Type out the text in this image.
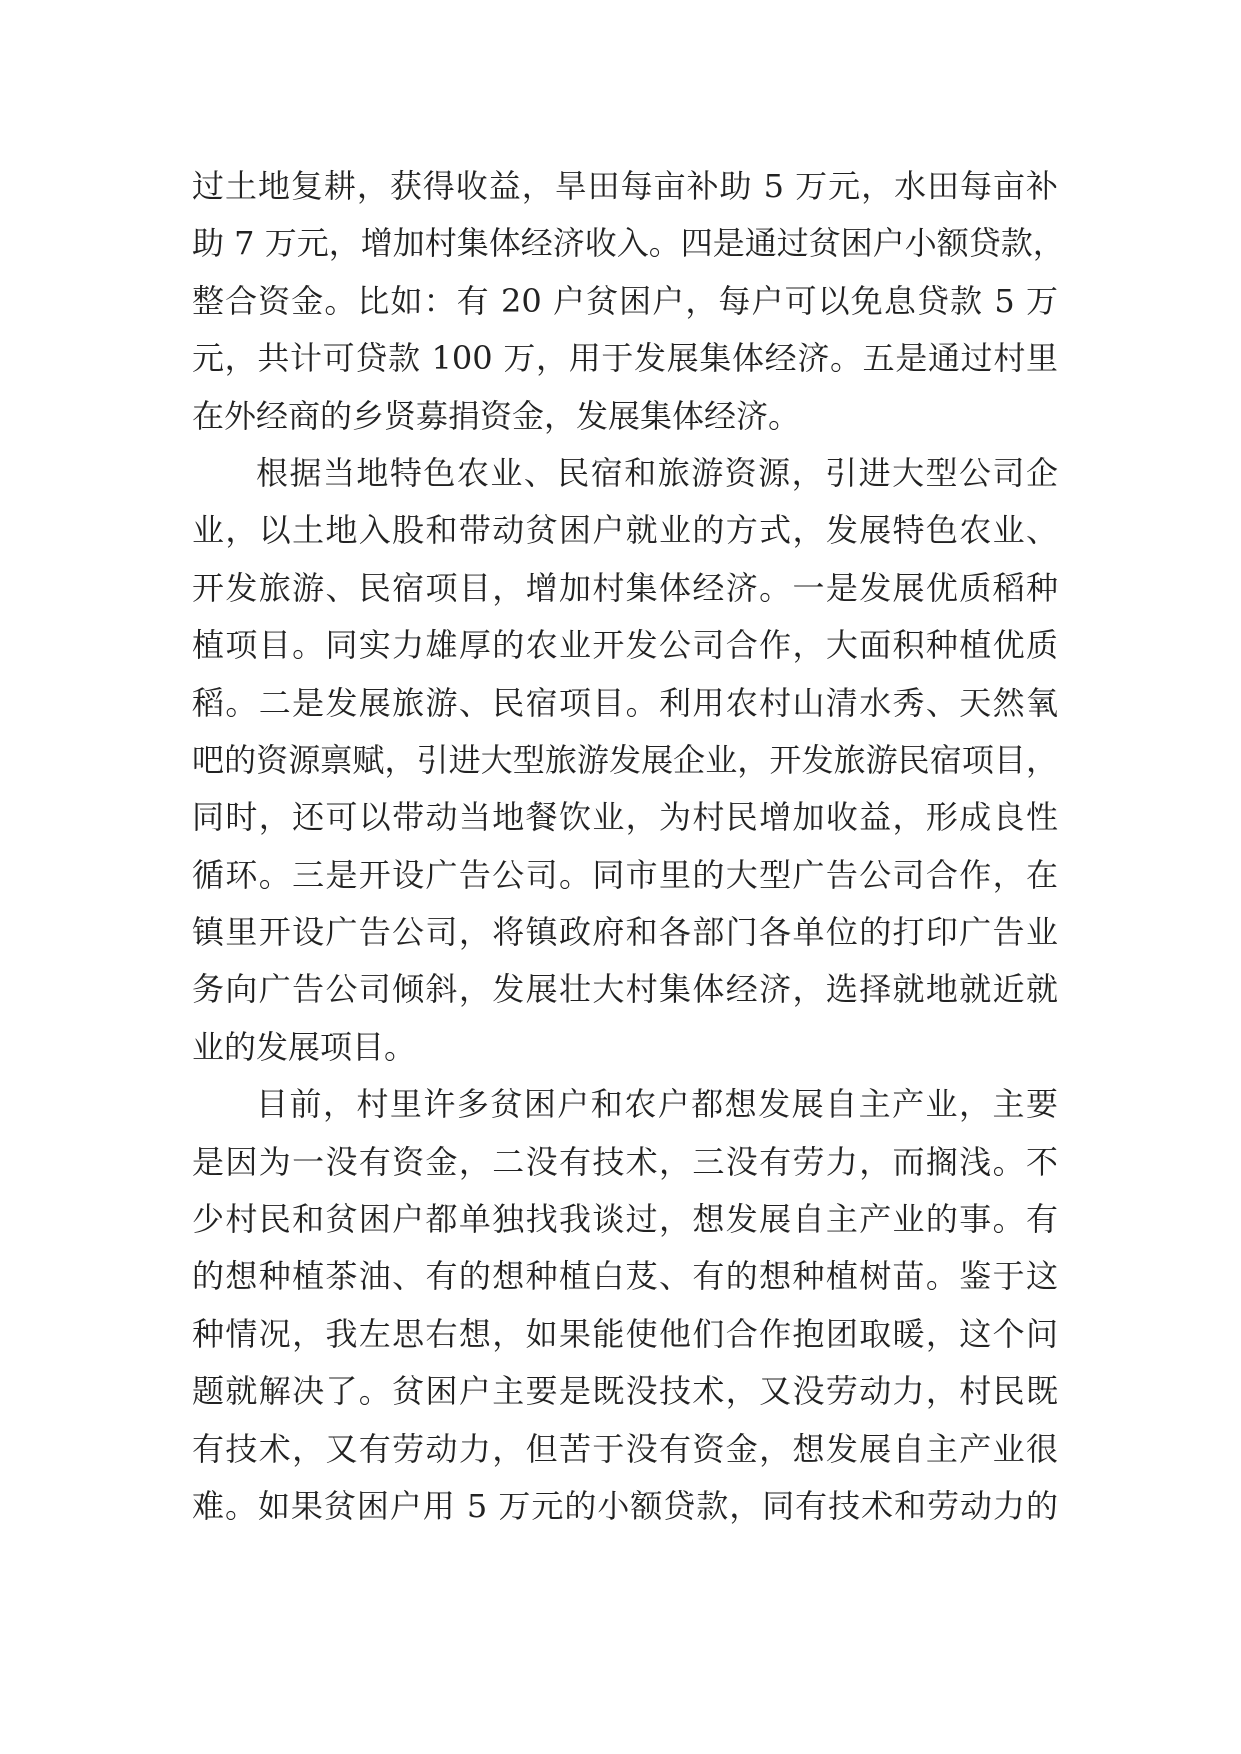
过土地复耕，获得收益，旱田每亩补助 5 万元，水田每亩补
助 7 万元，增加村集体经济收入。四是通过贫困户小额贷款，
整合资金。比如：有 20 户贫困户，每户可以免息贷款 5 万
元，共计可贷款 100 万，用于发展集体经济。五是通过村里
在外经商的乡贤募捐资金，发展集体经济。
根据当地特色农业、民宿和旅游资源，引进大型公司企
业，以土地入股和带动贫困户就业的方式，发展特色农业、
开发旅游、民宿项目，增加村集体经济。一是发展优质稻种
植项目。同实力雄厚的农业开发公司合作，大面积种植优质
稻。二是发展旅游、民宿项目。利用农村山清水秀、天然氧
吧的资源禀赋，引进大型旅游发展企业，开发旅游民宿项目，
同时，还可以带动当地餐饮业，为村民增加收益，形成良性
循环。三是开设广告公司。同市里的大型广告公司合作，在
镇里开设广告公司，将镇政府和各部门各单位的打印广告业
务向广告公司倾斜，发展壮大村集体经济，选择就地就近就
业的发展项目。
目前，村里许多贫困户和农户都想发展自主产业，主要
是因为一没有资金，二没有技术，三没有劳力，而搁浅。不
少村民和贫困户都单独找我谈过，想发展自主产业的事。有
的想种植茶油、有的想种植白芨、有的想种植树苗。鉴于这
种情况，我左思右想，如果能使他们合作抱团取暖，这个问
题就解决了。贫困户主要是既没技术，又没劳动力，村民既
有技术，又有劳动力，但苦于没有资金，想发展自主产业很
难。如果贫困户用 5 万元的小额贷款，同有技术和劳动力的
